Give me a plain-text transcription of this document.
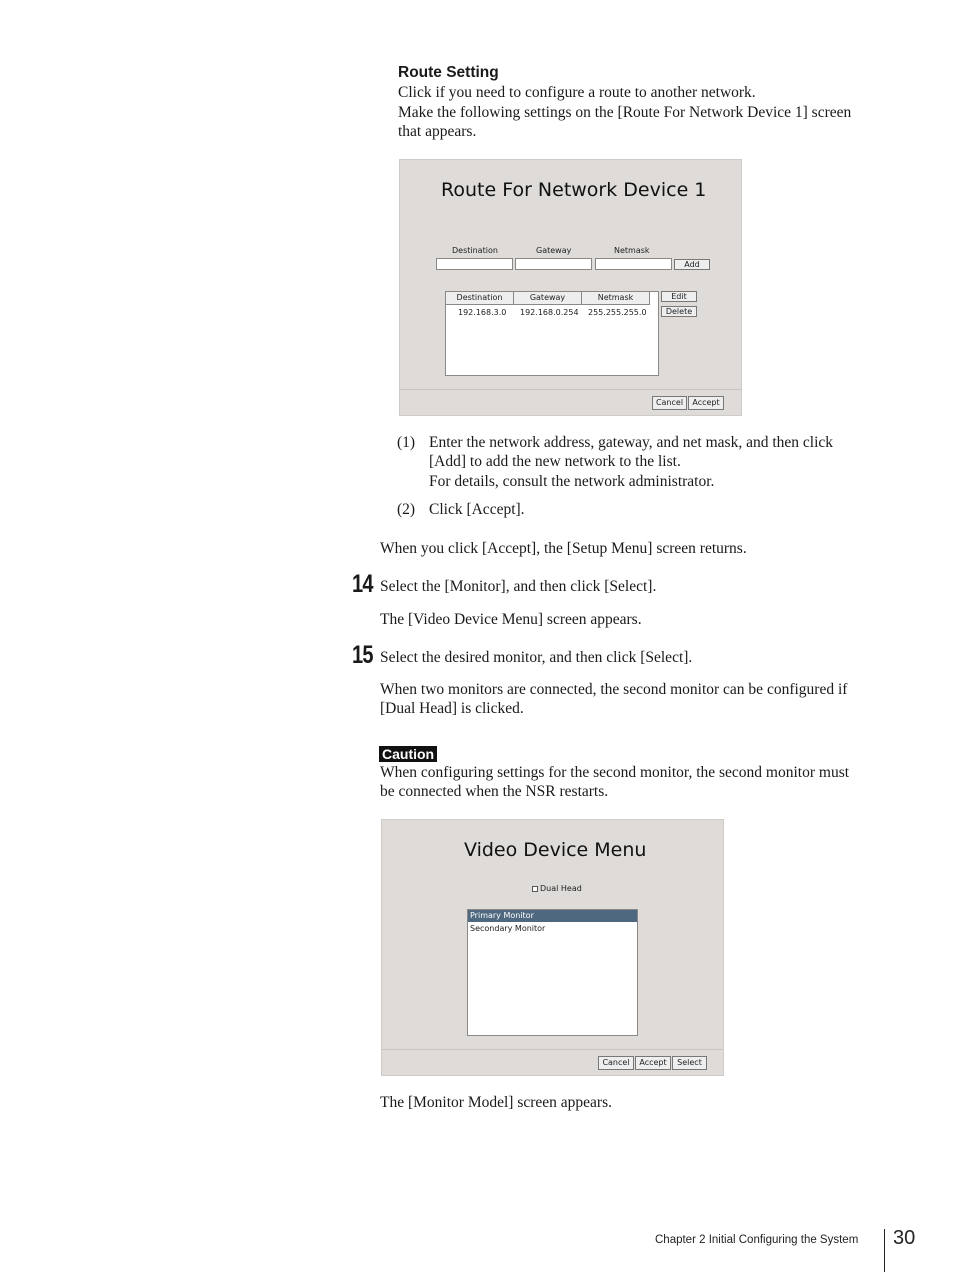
Route Setting
Click if you need to configure a route to another network.
Make the following settings on the [Route For Network Device 1] screen
that appears.
Route For Network Device 1
Destination	Gateway	Netmask
Add
Destination	Gateway	Netmask
192.168.3.0 192.168.0.254 255.255.255.0
Edit
Delete
Cancel	Accept
(1) Enter the network address, gateway, and net mask, and then click
[Add] to add the new network to the list.
For details, consult the network administrator.
(2) Click [Accept].
When you click [Accept], the [Setup Menu] screen returns.
14 Select the [Monitor], and then click [Select].
The [Video Device Menu] screen appears.
15 Select the desired monitor, and then click [Select].
When two monitors are connected, the second monitor can be configured if
[Dual Head] is clicked.
Caution
When configuring settings for the second monitor, the second monitor must
be connected when the NSR restarts.
Video Device Menu
Dual Head
Primary Monitor
Secondary Monitor
Cancel	Accept	Select
The [Monitor Model] screen appears.
Chapter 2 Initial Configuring the System 30
